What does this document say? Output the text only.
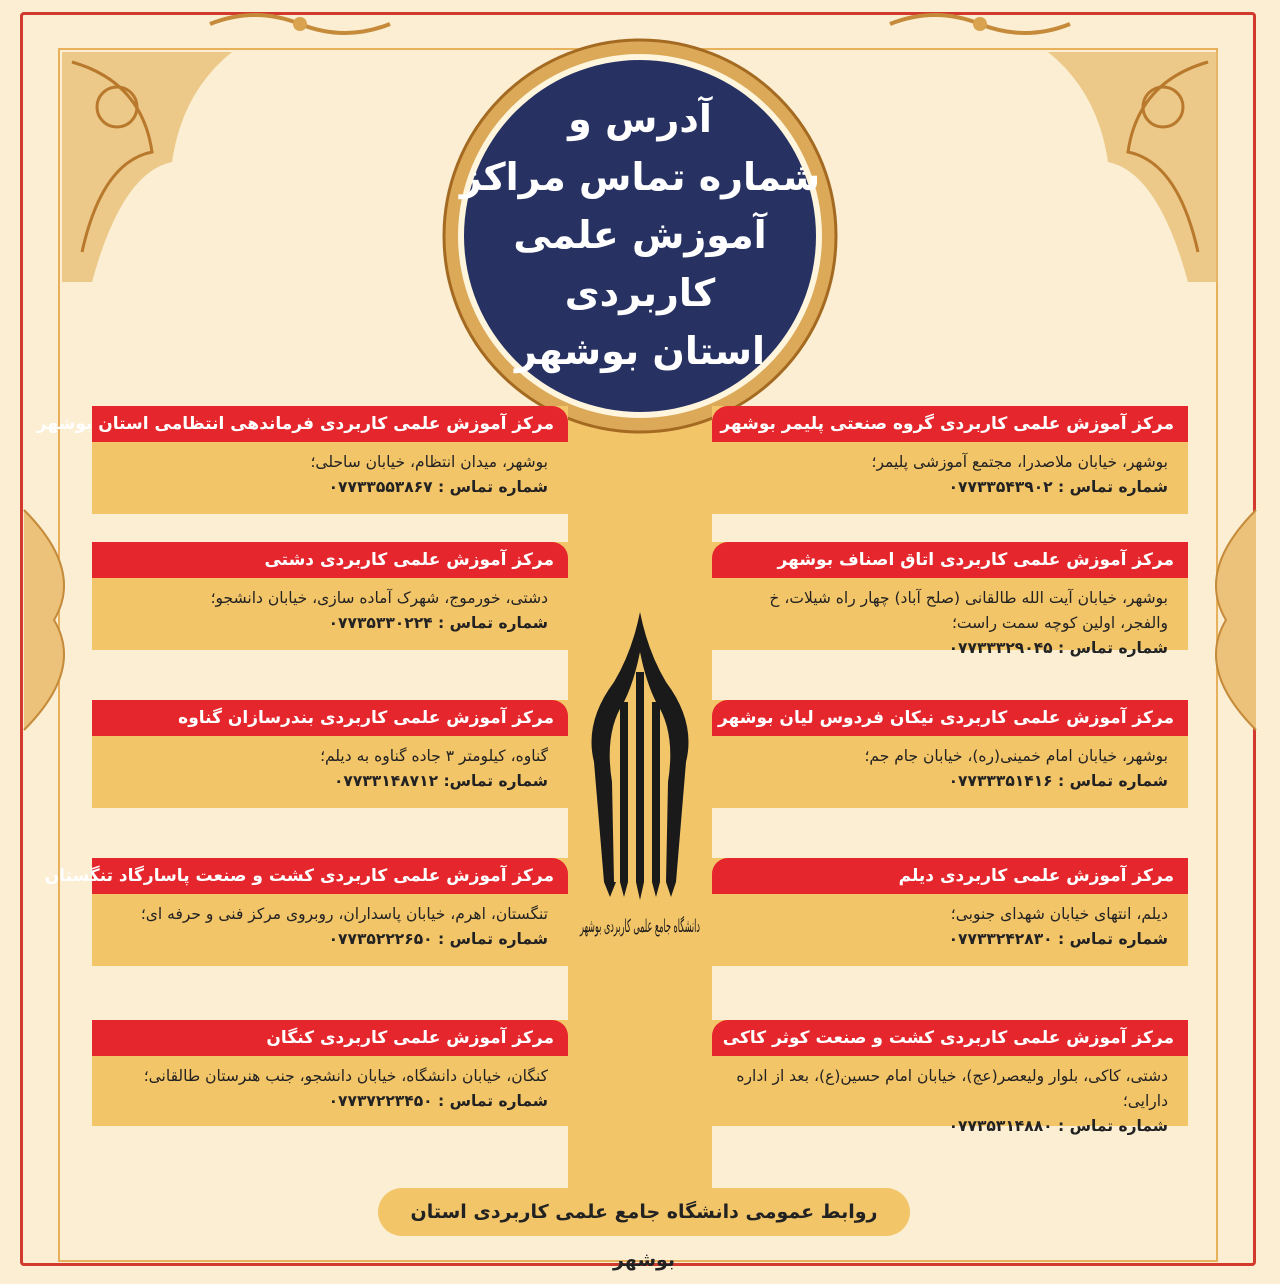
آدرس و
شماره تماس مراکز
آموزش علمی کاربردی
استان بوشهر
مرکز آموزش علمی کاربردی گروه صنعتی پلیمر بوشهر
بوشهر، خیابان ملاصدرا، مجتمع آموزشی پلیمر؛
شماره تماس : ۰۷۷۳۳۵۴۳۹۰۲
مرکز آموزش علمی کاربردی اتاق اصناف بوشهر
بوشهر، خیابان آیت الله طالقانی (صلح آباد) چهار راه شیلات، خ والفجر، اولین کوچه سمت راست؛
شماره تماس : ۰۷۷۳۳۳۲۹۰۴۵
مرکز آموزش علمی کاربردی نیکان فردوس لیان بوشهر
بوشهر، خیابان امام خمینی(ره)، خیابان جام جم؛
شماره تماس : ۰۷۷۳۳۳۵۱۴۱۶
مرکز آموزش علمی کاربردی دیلم
دیلم، انتهای خیابان شهدای جنوبی؛
شماره تماس : ۰۷۷۳۳۲۴۲۸۳۰
مرکز آموزش علمی کاربردی کشت و صنعت کوثر کاکی
دشتی، کاکی، بلوار ولیعصر(عج)، خیابان امام حسین(ع)، بعد از اداره دارایی؛
شماره تماس : ۰۷۷۳۵۳۱۴۸۸۰
مرکز آموزش علمی کاربردی فرماندهی انتظامی استان بوشهر
بوشهر، میدان انتظام، خیابان ساحلی؛
شماره تماس : ۰۷۷۳۳۵۵۳۸۶۷
مرکز آموزش علمی کاربردی دشتی
دشتی، خورموج، شهرک آماده سازی، خیابان دانشجو؛
شماره تماس : ۰۷۷۳۵۳۳۰۲۲۴
مرکز آموزش علمی کاربردی بندرسازان گناوه
گناوه، کیلومتر ۳ جاده گناوه به دیلم؛
شماره تماس: ۰۷۷۳۳۱۴۸۷۱۲
مرکز آموزش علمی کاربردی کشت و صنعت پاسارگاد تنگستان
تنگستان، اهرم، خیابان پاسداران، روبروی مرکز فنی و حرفه ای؛
شماره تماس : ۰۷۷۳۵۲۲۲۶۵۰
مرکز آموزش علمی کاربردی کنگان
کنگان، خیابان دانشگاه، خیابان دانشجو، جنب هنرستان طالقانی؛
شماره تماس : ۰۷۷۳۷۲۲۳۴۵۰
روابط عمومی دانشگاه جامع علمی کاربردی استان بوشهر
